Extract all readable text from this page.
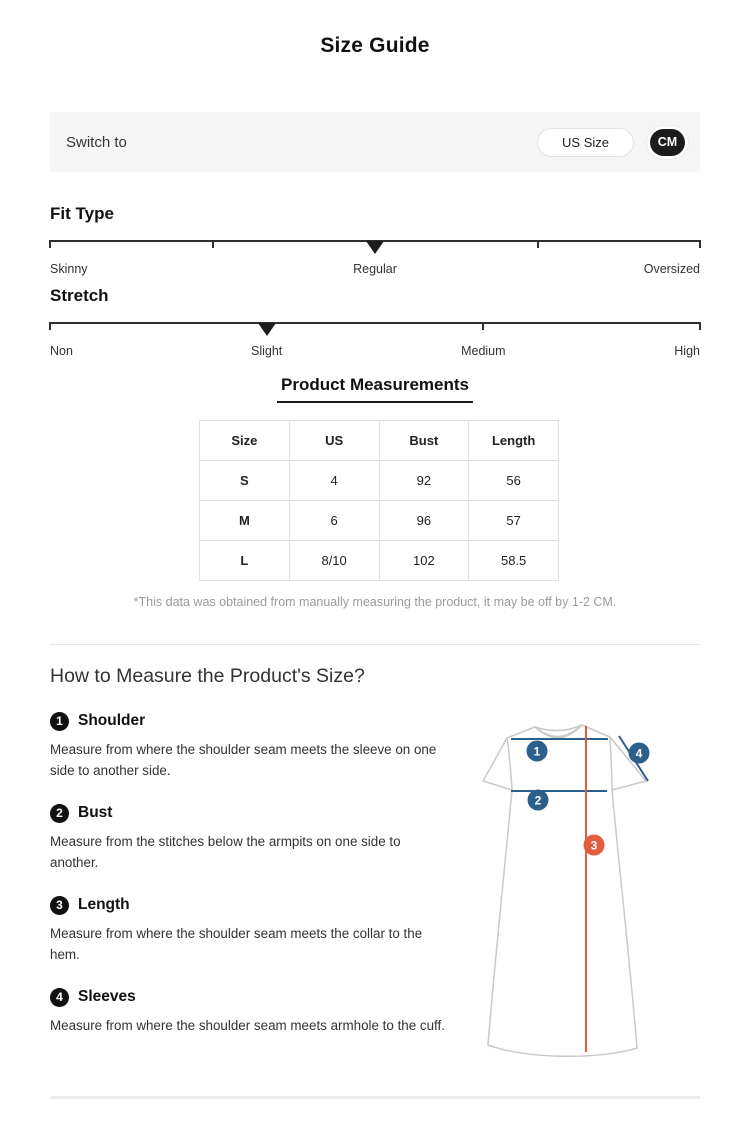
Size Guide
Switch to	US Size	CM
Fit Type
Skinny	Regular	Oversized
Stretch
Non	Slight	Medium	High
Product Measurements
Size	US	Bust	Length
S	4	92	56
M	6	96	57
L	8/10	102	58.5
*This data was obtained from manually measuring the product, it may be off by 1-2 CM.
How to Measure the Product's Size?
1 Shoulder
Measure from where the shoulder seam meets the sleeve on one side to another side.
2 Bust
Measure from the stitches below the armpits on one side to another.
3 Length
Measure from where the shoulder seam meets the collar to the hem.
4 Sleeves
Measure from where the shoulder seam meets armhole to the cuff.
1
2
3
4
